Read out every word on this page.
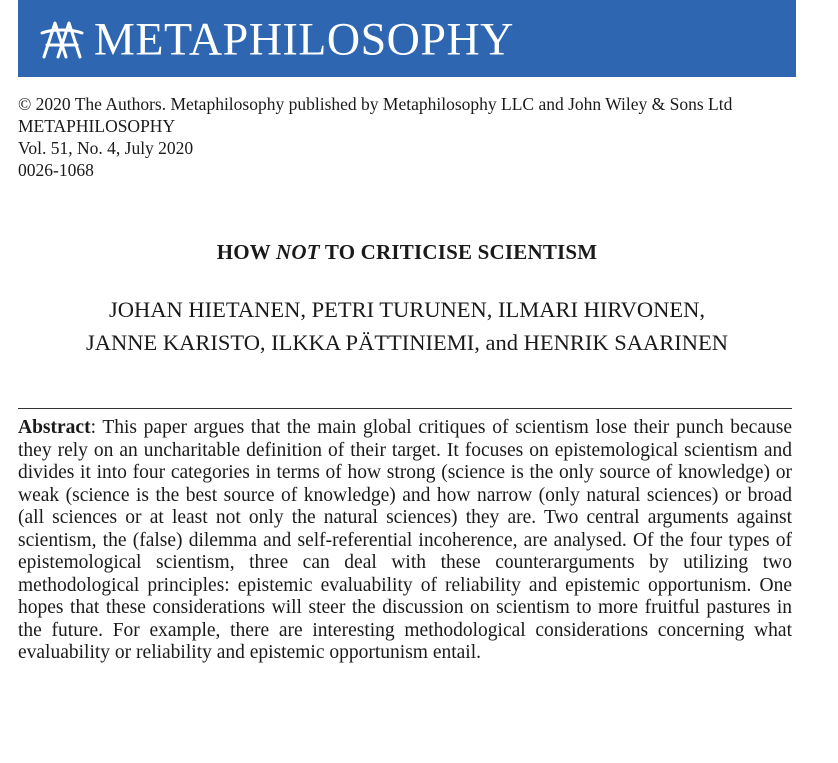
METAPHILOSOPHY
© 2020 The Authors. Metaphilosophy published by Metaphilosophy LLC and John Wiley & Sons Ltd
METAPHILOSOPHY
Vol. 51, No. 4, July 2020
0026-1068
HOW NOT TO CRITICISE SCIENTISM
JOHAN HIETANEN, PETRI TURUNEN, ILMARI HIRVONEN,
JANNE KARISTO, ILKKA PÄTTINIEMI, and HENRIK SAARINEN
Abstract: This paper argues that the main global critiques of scientism lose their punch because they rely on an uncharitable definition of their target. It focuses on epistemological scientism and divides it into four categories in terms of how strong (science is the only source of knowledge) or weak (science is the best source of knowledge) and how narrow (only natural sciences) or broad (all sciences or at least not only the natural sciences) they are. Two central arguments against scientism, the (false) dilemma and self-referential incoherence, are analysed. Of the four types of epistemological scientism, three can deal with these counterarguments by utilizing two methodological principles: epistemic evaluability of reliability and epistemic opportunism. One hopes that these considerations will steer the discussion on scientism to more fruitful pastures in the future. For example, there are interesting methodological considerations concerning what evaluability or reliability and epistemic opportunism entail.
